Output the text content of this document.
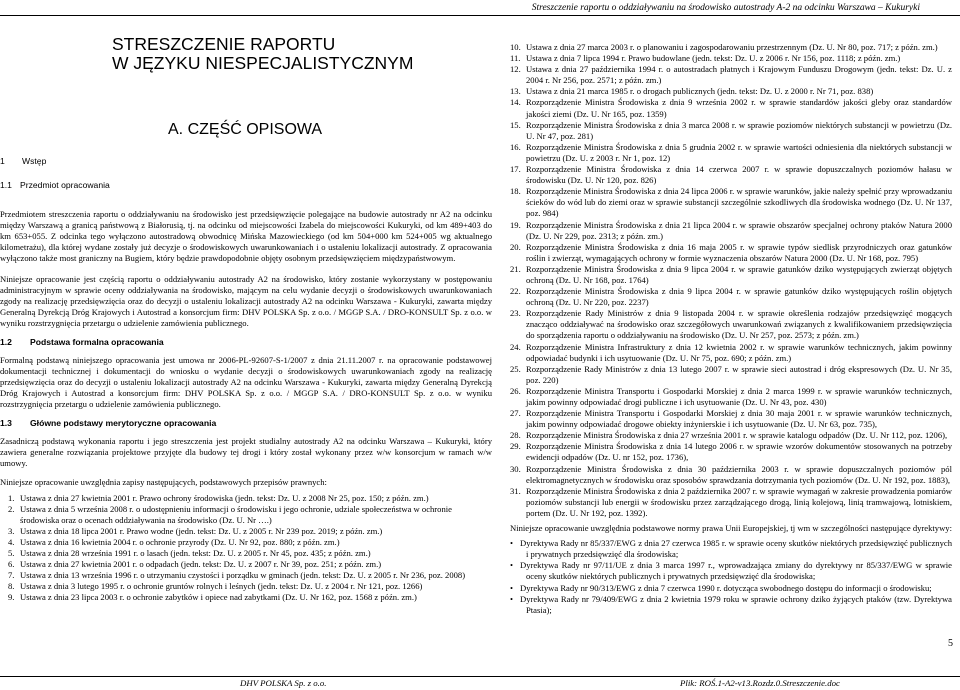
Streszczenie raportu o oddziaływaniu na środowisko autostrady A-2 na odcinku Warszawa – Kukuryki
STRESZCZENIE RAPORTU
W JĘZYKU NIESPECJALISTYCZNYM
A. CZĘŚĆ OPISOWA
1 Wstęp
1.1 Przedmiot opracowania

Przedmiotem streszczenia raportu o oddziaływaniu na środowisko jest przedsięwzięcie polegające na budowie autostrady nr A2 na odcinku między Warszawą a granicą państwową z Białorusią, tj. na odcinku od miejscowości Izabela do miejscowości Kukuryki, od km 489+403 do km 653+055. Z odcinka tego wyłączono autostradową obwodnicę Mińska Mazowieckiego (od km 504+000 km 524+005 wg aktualnego kilometrażu), dla której wydane zostały już decyzje o środowiskowych uwarunkowaniach i o ustaleniu lokalizacji autostrady. Z opracowania wyłączono także most graniczny na Bugiem, który będzie prawdopodobnie objęty osobnym przedsięwzięciem międzypaństwowym.

Niniejsze opracowanie jest częścią raportu o oddziaływaniu autostrady A2 na środowisko, który zostanie wykorzystany w postępowaniu administracyjnym w sprawie oceny oddziaływania na środowisko, mającym na celu wydanie decyzji o środowiskowych uwarunkowaniach zgody na realizację przedsięwzięcia oraz do decyzji o ustaleniu lokalizacji autostrady A2 na odcinku Warszawa - Kukuryki, zawarta między Generalną Dyrekcją Dróg Krajowych i Autostrad a konsorcjum firm: DHV POLSKA Sp. z o.o. / MGGP S.A. / DRO-KONSULT Sp. z o.o. w wyniku rozstrzygnięcia przetargu o udzielenie zamówienia publicznego.

1.2 Podstawa formalna opracowania

Formalną podstawą niniejszego opracowania jest umowa nr 2006-PL-92607-S-1/2007 z dnia 21.11.2007 r. na opracowanie podstawowej dokumentacji technicznej i dokumentacji do wniosku o wydanie decyzji o środowiskowych uwarunkowaniach zgody na realizację przedsięwzięcia oraz do decyzji o ustaleniu lokalizacji autostrady A2 na odcinku Warszawa - Kukuryki, zawarta między Generalną Dyrekcją Dróg Krajowych i Autostrad a konsorcjum firm: DHV POLSKA Sp. z o.o. / MGGP S.A. / DRO-KONSULT Sp. z o.o. w wyniku rozstrzygnięcia przetargu o udzielenie zamówienia publicznego.

1.3 Główne podstawy merytoryczne opracowania

Zasadniczą podstawą wykonania raportu i jego streszczenia jest projekt studialny autostrady A2 na odcinku Warszawa – Kukuryki, który zawiera generalne rozwiązania projektowe przyjęte dla budowy tej drogi i który został wykonany przez w/w konsorcjum w ramach w/w umowy.

Niniejsze opracowanie uwzględnia zapisy następujących, podstawowych przepisów prawnych:

1. Ustawa z dnia 27 kwietnia 2001 r. Prawo ochrony środowiska (jedn. tekst: Dz. U. z 2008 Nr 25, poz. 150; z późn. zm.)
2. Ustawa z dnia 5 września 2008 r. o udostępnieniu informacji o środowisku i jego ochronie, udziale społeczeństwa w ochronie środowiska oraz o ocenach oddziaływania na środowisko (Dz. U. Nr ….)
3. Ustawa z dnia 18 lipca 2001 r. Prawo wodne (jedn. tekst: Dz. U. z 2005 r. Nr 239 poz. 2019; z późn. zm.)
4. Ustawa z dnia 16 kwietnia 2004 r. o ochronie przyrody (Dz. U. Nr 92, poz. 880; z późn. zm.)
5. Ustawa z dnia 28 września 1991 r. o lasach (jedn. tekst: Dz. U. z 2005 r. Nr 45, poz. 435; z późn. zm.)
6. Ustawa z dnia 27 kwietnia 2001 r. o odpadach (jedn. tekst: Dz. U. z 2007 r. Nr 39, poz. 251; z późn. zm.)
7. Ustawa z dnia 13 września 1996 r. o utrzymaniu czystości i porządku w gminach (jedn. tekst: Dz. U. z 2005 r. Nr 236, poz. 2008)
8. Ustawa z dnia 3 lutego 1995 r. o ochronie gruntów rolnych i leśnych (jedn. tekst: Dz. U. z 2004 r. Nr 121, poz. 1266)
9. Ustawa z dnia 23 lipca 2003 r. o ochronie zabytków i opiece nad zabytkami (Dz. U. Nr 162, poz. 1568 z późn. zm.)
10. Ustawa z dnia 27 marca 2003 r. o planowaniu i zagospodarowaniu przestrzennym (Dz. U. Nr 80, poz. 717; z późn. zm.)
11. Ustawa z dnia 7 lipca 1994 r. Prawo budowlane (jedn. tekst: Dz. U. z 2006 r. Nr 156, poz. 1118; z późn. zm.)
12. Ustawa z dnia 27 października 1994 r. o autostradach płatnych i Krajowym Funduszu Drogowym (jedn. tekst: Dz. U. z 2004 r. Nr 256, poz. 2571; z późn. zm.)
13. Ustawa z dnia 21 marca 1985 r. o drogach publicznych (jedn. tekst: Dz. U. z 2000 r. Nr 71, poz. 838)
14. Rozporządzenie Ministra Środowiska z dnia 9 września 2002 r. w sprawie standardów jakości gleby oraz standardów jakości ziemi (Dz. U. Nr 165, poz. 1359)
15. Rozporządzenie Ministra Środowiska z dnia 3 marca 2008 r. w sprawie poziomów niektórych substancji w powietrzu (Dz. U. Nr 47, poz. 281)
16. Rozporządzenie Ministra Środowiska z dnia 5 grudnia 2002 r. w sprawie wartości odniesienia dla niektórych substancji w powietrzu (Dz. U. z 2003 r. Nr 1, poz. 12)
17. Rozporządzenie Ministra Środowiska z dnia 14 czerwca 2007 r. w sprawie dopuszczalnych poziomów hałasu w środowisku (Dz. U. Nr 120, poz. 826)
18. Rozporządzenie Ministra Środowiska z dnia 24 lipca 2006 r. w sprawie warunków, jakie należy spełnić przy wprowadzaniu ścieków do wód lub do ziemi oraz w sprawie substancji szczególnie szkodliwych dla środowiska wodnego (Dz. U. Nr 137, poz. 984)
19. Rozporządzenie Ministra Środowiska z dnia 21 lipca 2004 r. w sprawie obszarów specjalnej ochrony ptaków Natura 2000 (Dz. U. Nr 229, poz. 2313; z późn. zm.)
20. Rozporządzenie Ministra Środowiska z dnia 16 maja 2005 r. w sprawie typów siedlisk przyrodniczych oraz gatunków roślin i zwierząt, wymagających ochrony w formie wyznaczenia obszarów Natura 2000 (Dz. U. Nr 168, poz. 795)
21. Rozporządzenie Ministra Środowiska z dnia 9 lipca 2004 r. w sprawie gatunków dziko występujących zwierząt objętych ochroną (Dz. U. Nr 168, poz. 1764)
22. Rozporządzenie Ministra Środowiska z dnia 9 lipca 2004 r. w sprawie gatunków dziko występujących roślin objętych ochroną (Dz. U. Nr 220, poz. 2237)
23. Rozporządzenie Rady Ministrów z dnia 9 listopada 2004 r. w sprawie określenia rodzajów przedsięwzięć mogących znacząco oddziaływać na środowisko oraz szczegółowych uwarunkowań związanych z kwalifikowaniem przedsięwzięcia do sporządzenia raportu o oddziaływaniu na środowisko (Dz. U. Nr 257, poz. 2573; z późn. zm.)
24. Rozporządzenie Ministra Infrastruktury z dnia 12 kwietnia 2002 r. w sprawie warunków technicznych, jakim powinny odpowiadać budynki i ich usytuowanie (Dz. U. Nr 75, poz. 690; z późn. zm.)
25. Rozporządzenie Rady Ministrów z dnia 13 lutego 2007 r. w sprawie sieci autostrad i dróg ekspresowych (Dz. U. Nr 35, poz. 220)
26. Rozporządzenie Ministra Transportu i Gospodarki Morskiej z dnia 2 marca 1999 r. w sprawie warunków technicznych, jakim powinny odpowiadać drogi publiczne i ich usytuowanie (Dz. U. Nr 43, poz. 430)
27. Rozporządzenie Ministra Transportu i Gospodarki Morskiej z dnia 30 maja 2001 r. w sprawie warunków technicznych, jakim powinny odpowiadać drogowe obiekty inżynierskie i ich usytuowanie (Dz. U. Nr 63, poz. 735),
28. Rozporządzenie Ministra Środowiska z dnia 27 września 2001 r. w sprawie katalogu odpadów (Dz. U. Nr 112, poz. 1206),
29. Rozporządzenie Ministra Środowiska z dnia 14 lutego 2006 r. w sprawie wzorów dokumentów stosowanych na potrzeby ewidencji odpadów (Dz. U. nr 152, poz. 1736),
30. Rozporządzenie Ministra Środowiska z dnia 30 października 2003 r. w sprawie dopuszczalnych poziomów pól elektromagnetycznych w środowisku oraz sposobów sprawdzania dotrzymania tych poziomów (Dz. U. Nr 192, poz. 1883),
31. Rozporządzenie Ministra Środowiska z dnia 2 października 2007 r. w sprawie wymagań w zakresie prowadzenia pomiarów poziomów substancji lub energii w środowisku przez zarządzającego drogą, linią kolejową, linią tramwajową, lotniskiem, portem (Dz. U. Nr 192, poz. 1392).

Niniejsze opracowanie uwzględnia podstawowe normy prawa Unii Europejskiej, tj wm w szczególności następujące dyrektywy:

• Dyrektywa Rady nr 85/337/EWG z dnia 27 czerwca 1985 r. w sprawie oceny skutków niektórych przedsięwzięć publicznych i prywatnych przedsięwzięć dla środowiska;
• Dyrektywa Rady nr 97/11/UE z dnia 3 marca 1997 r., wprowadzająca zmiany do dyrektywy nr 85/337/EWG w sprawie oceny skutków niektórych publicznych i prywatnych przedsięwzięć dla środowiska;
• Dyrektywa Rady nr 90/313/EWG z dnia 7 czerwca 1990 r. dotycząca swobodnego dostępu do informacji o środowisku;
• Dyrektywa Rady nr 79/409/EWG z dnia 2 kwietnia 1979 roku w sprawie ochrony dziko żyjących ptaków (tzw. Dyrektywa Ptasia);
5
DHV POLSKA Sp. z o.o.	Plik: ROŚ.1-A2-v13.Rozdz.0.Streszczenie.doc
